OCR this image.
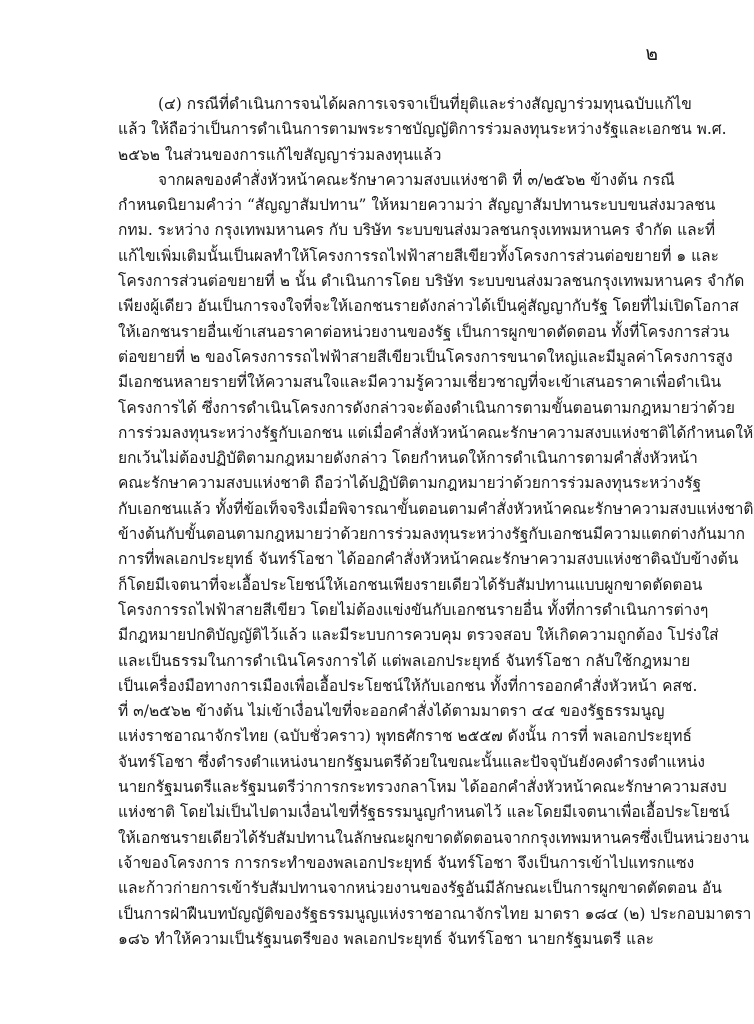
๒
(๔) กรณีที่ดำเนินการจนได้ผลการเจรจาเป็นที่ยุติและร่างสัญญาร่วมทุนฉบับแก้ไข
แล้ว ให้ถือว่าเป็นการดำเนินการตามพระราชบัญญัติการร่วมลงทุนระหว่างรัฐและเอกชน พ.ศ.
๒๕๖๒ ในส่วนของการแก้ไขสัญญาร่วมลงทุนแล้ว
จากผลของคำสั่งหัวหน้าคณะรักษาความสงบแห่งชาติ ที่ ๓/๒๕๖๒ ข้างต้น กรณี
กำหนดนิยามคำว่า “สัญญาสัมปทาน” ให้หมายความว่า สัญญาสัมปทานระบบขนส่งมวลชน
กทม. ระหว่าง กรุงเทพมหานคร กับ บริษัท ระบบขนส่งมวลชนกรุงเทพมหานคร จำกัด และที่
แก้ไขเพิ่มเติมนั้นเป็นผลทำให้โครงการรถไฟฟ้าสายสีเขียวทั้งโครงการส่วนต่อขยายที่ ๑ และ
โครงการส่วนต่อขยายที่ ๒ นั้น ดำเนินการโดย บริษัท ระบบขนส่งมวลชนกรุงเทพมหานคร จำกัด
เพียงผู้เดียว อันเป็นการจงใจที่จะให้เอกชนรายดังกล่าวได้เป็นคู่สัญญากับรัฐ โดยที่ไม่เปิดโอกาส
ให้เอกชนรายอื่นเข้าเสนอราคาต่อหน่วยงานของรัฐ เป็นการผูกขาดตัดตอน ทั้งที่โครงการส่วน
ต่อขยายที่ ๒ ของโครงการรถไฟฟ้าสายสีเขียวเป็นโครงการขนาดใหญ่และมีมูลค่าโครงการสูง
มีเอกชนหลายรายที่ให้ความสนใจและมีความรู้ความเชี่ยวชาญที่จะเข้าเสนอราคาเพื่อดำเนิน
โครงการได้ ซึ่งการดำเนินโครงการดังกล่าวจะต้องดำเนินการตามขั้นตอนตามกฎหมายว่าด้วย
การร่วมลงทุนระหว่างรัฐกับเอกชน แต่เมื่อคำสั่งหัวหน้าคณะรักษาความสงบแห่งชาติได้กำหนดให้
ยกเว้นไม่ต้องปฏิบัติตามกฎหมายดังกล่าว โดยกำหนดให้การดำเนินการตามคำสั่งหัวหน้า
คณะรักษาความสงบแห่งชาติ ถือว่าได้ปฏิบัติตามกฎหมายว่าด้วยการร่วมลงทุนระหว่างรัฐ
กับเอกชนแล้ว ทั้งที่ข้อเท็จจริงเมื่อพิจารณาขั้นตอนตามคำสั่งหัวหน้าคณะรักษาความสงบแห่งชาติ
ข้างต้นกับขั้นตอนตามกฎหมายว่าด้วยการร่วมลงทุนระหว่างรัฐกับเอกชนมีความแตกต่างกันมาก
การที่พลเอกประยุทธ์ จันทร์โอชา ได้ออกคำสั่งหัวหน้าคณะรักษาความสงบแห่งชาติฉบับข้างต้น
ก็โดยมีเจตนาที่จะเอื้อประโยชน์ให้เอกชนเพียงรายเดียวได้รับสัมปทานแบบผูกขาดตัดตอน
โครงการรถไฟฟ้าสายสีเขียว โดยไม่ต้องแข่งขันกับเอกชนรายอื่น ทั้งที่การดำเนินการต่างๆ
มีกฎหมายปกติบัญญัติไว้แล้ว และมีระบบการควบคุม ตรวจสอบ ให้เกิดความถูกต้อง โปร่งใส่
และเป็นธรรมในการดำเนินโครงการได้ แต่พลเอกประยุทธ์ จันทร์โอชา กลับใช้กฎหมาย
เป็นเครื่องมือทางการเมืองเพื่อเอื้อประโยชน์ให้กับเอกชน ทั้งที่การออกคำสั่งหัวหน้า คสช.
ที่ ๓/๒๕๖๒ ข้างต้น ไม่เข้าเงื่อนไขที่จะออกคำสั่งได้ตามมาตรา ๔๔ ของรัฐธรรมนูญ
แห่งราชอาณาจักรไทย (ฉบับชั่วคราว) พุทธศักราช ๒๕๕๗ ดังนั้น การที่ พลเอกประยุทธ์
จันทร์โอชา ซึ่งดำรงตำแหน่งนายกรัฐมนตรีด้วยในขณะนั้นและปัจจุบันยังคงดำรงตำแหน่ง
นายกรัฐมนตรีและรัฐมนตรีว่าการกระทรวงกลาโหม ได้ออกคำสั่งหัวหน้าคณะรักษาความสงบ
แห่งชาติ โดยไม่เป็นไปตามเงื่อนไขที่รัฐธรรมนูญกำหนดไว้ และโดยมีเจตนาเพื่อเอื้อประโยชน์
ให้เอกชนรายเดียวได้รับสัมปทานในลักษณะผูกขาดตัดตอนจากกรุงเทพมหานครซึ่งเป็นหน่วยงาน
เจ้าของโครงการ การกระทำของพลเอกประยุทธ์ จันทร์โอชา จึงเป็นการเข้าไปแทรกแซง
และก้าวก่ายการเข้ารับสัมปทานจากหน่วยงานของรัฐอันมีลักษณะเป็นการผูกขาดตัดตอน อัน
เป็นการฝ่าฝืนบทบัญญัติของรัฐธรรมนูญแห่งราชอาณาจักรไทย มาตรา ๑๘๔ (๒) ประกอบมาตรา
๑๘๖ ทำให้ความเป็นรัฐมนตรีของ พลเอกประยุทธ์ จันทร์โอชา นายกรัฐมนตรี และ
